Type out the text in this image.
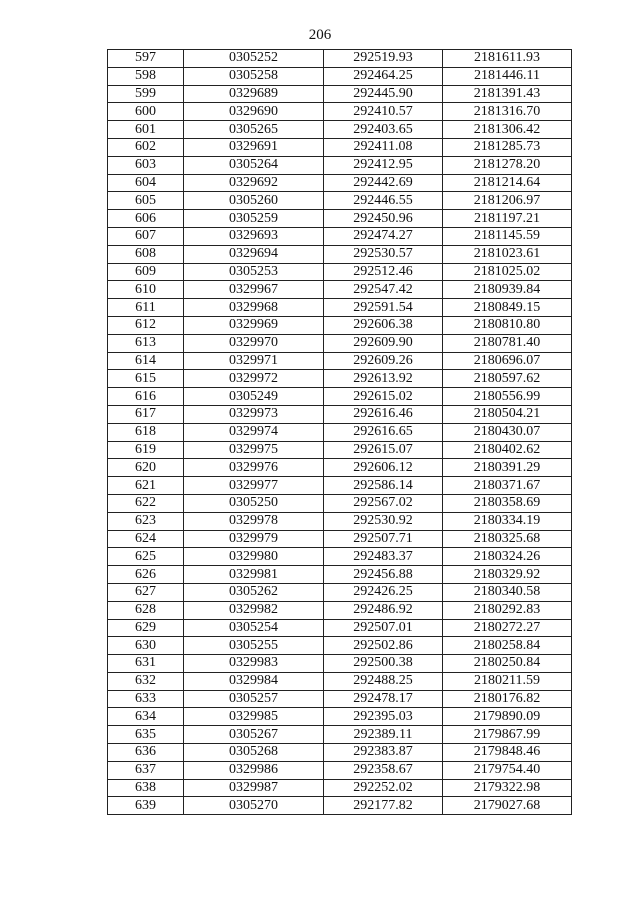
206
597	0305252	292519.93	2181611.93
598	0305258	292464.25	2181446.11
599	0329689	292445.90	2181391.43
600	0329690	292410.57	2181316.70
601	0305265	292403.65	2181306.42
602	0329691	292411.08	2181285.73
603	0305264	292412.95	2181278.20
604	0329692	292442.69	2181214.64
605	0305260	292446.55	2181206.97
606	0305259	292450.96	2181197.21
607	0329693	292474.27	2181145.59
608	0329694	292530.57	2181023.61
609	0305253	292512.46	2181025.02
610	0329967	292547.42	2180939.84
611	0329968	292591.54	2180849.15
612	0329969	292606.38	2180810.80
613	0329970	292609.90	2180781.40
614	0329971	292609.26	2180696.07
615	0329972	292613.92	2180597.62
616	0305249	292615.02	2180556.99
617	0329973	292616.46	2180504.21
618	0329974	292616.65	2180430.07
619	0329975	292615.07	2180402.62
620	0329976	292606.12	2180391.29
621	0329977	292586.14	2180371.67
622	0305250	292567.02	2180358.69
623	0329978	292530.92	2180334.19
624	0329979	292507.71	2180325.68
625	0329980	292483.37	2180324.26
626	0329981	292456.88	2180329.92
627	0305262	292426.25	2180340.58
628	0329982	292486.92	2180292.83
629	0305254	292507.01	2180272.27
630	0305255	292502.86	2180258.84
631	0329983	292500.38	2180250.84
632	0329984	292488.25	2180211.59
633	0305257	292478.17	2180176.82
634	0329985	292395.03	2179890.09
635	0305267	292389.11	2179867.99
636	0305268	292383.87	2179848.46
637	0329986	292358.67	2179754.40
638	0329987	292252.02	2179322.98
639	0305270	292177.82	2179027.68
